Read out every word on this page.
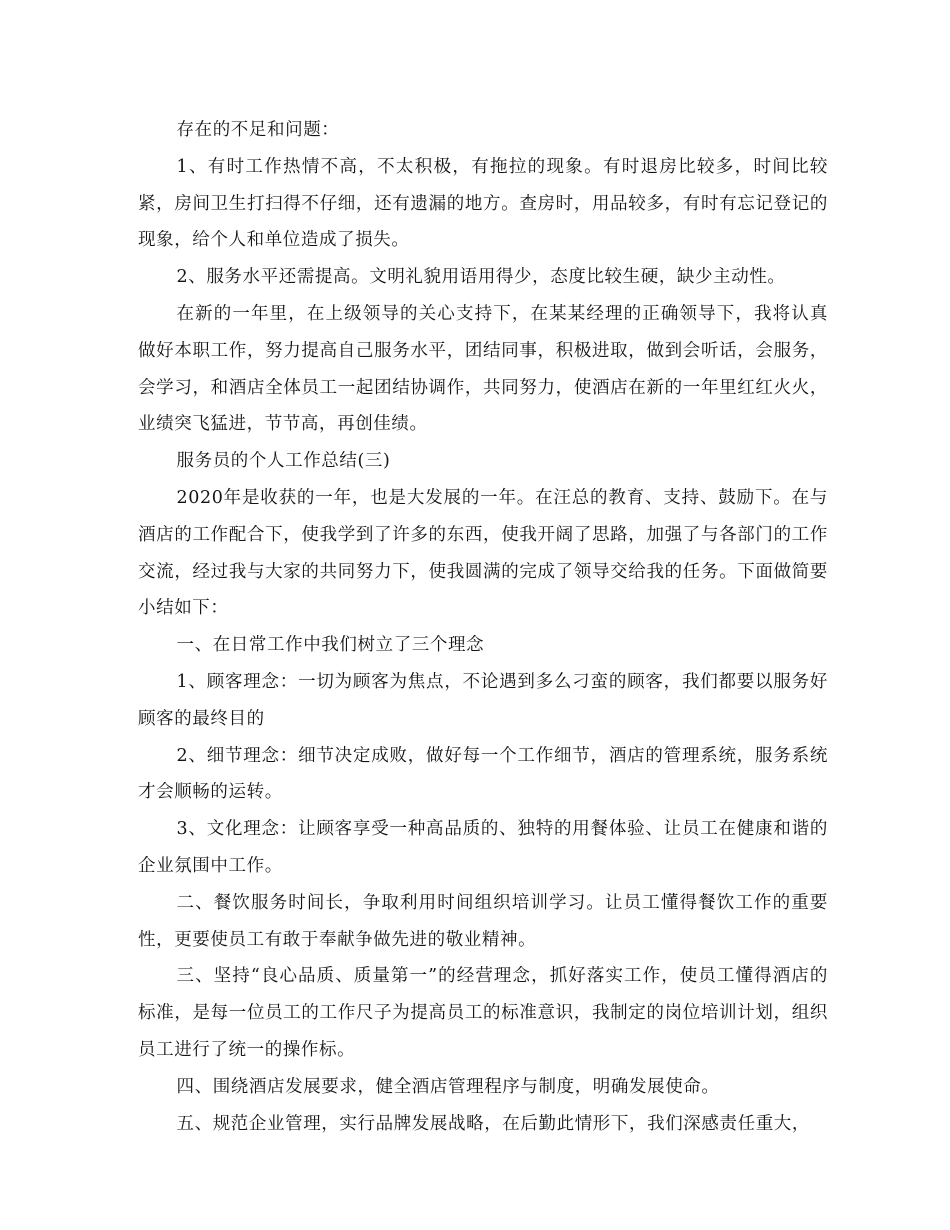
存在的不足和问题：

1、有时工作热情不高，不太积极，有拖拉的现象。有时退房比较多，时间比较紧，房间卫生打扫得不仔细，还有遗漏的地方。查房时，用品较多，有时有忘记登记的现象，给个人和单位造成了损失。

2、服务水平还需提高。文明礼貌用语用得少，态度比较生硬，缺少主动性。

在新的一年里，在上级领导的关心支持下，在某某经理的正确领导下，我将认真做好本职工作，努力提高自己服务水平，团结同事，积极进取，做到会听话，会服务，会学习，和酒店全体员工一起团结协调作，共同努力，使酒店在新的一年里红红火火，业绩突飞猛进，节节高，再创佳绩。

服务员的个人工作总结(三)

2020年是收获的一年，也是大发展的一年。在汪总的教育、支持、鼓励下。在与酒店的工作配合下，使我学到了许多的东西，使我开阔了思路，加强了与各部门的工作交流，经过我与大家的共同努力下，使我圆满的完成了领导交给我的任务。下面做简要小结如下：

一、在日常工作中我们树立了三个理念

1、顾客理念：一切为顾客为焦点，不论遇到多么刁蛮的顾客，我们都要以服务好顾客的最终目的

2、细节理念：细节决定成败，做好每一个工作细节，酒店的管理系统，服务系统才会顺畅的运转。

3、文化理念：让顾客享受一种高品质的、独特的用餐体验、让员工在健康和谐的企业氛围中工作。

二、餐饮服务时间长，争取利用时间组织培训学习。让员工懂得餐饮工作的重要性，更要使员工有敢于奉献争做先进的敬业精神。

三、坚持“良心品质、质量第一”的经营理念，抓好落实工作，使员工懂得酒店的标准，是每一位员工的工作尺子为提高员工的标准意识，我制定的岗位培训计划，组织员工进行了统一的操作标。

四、围绕酒店发展要求，健全酒店管理程序与制度，明确发展使命。

五、规范企业管理，实行品牌发展战略，在后勤此情形下，我们深感责任重大，
